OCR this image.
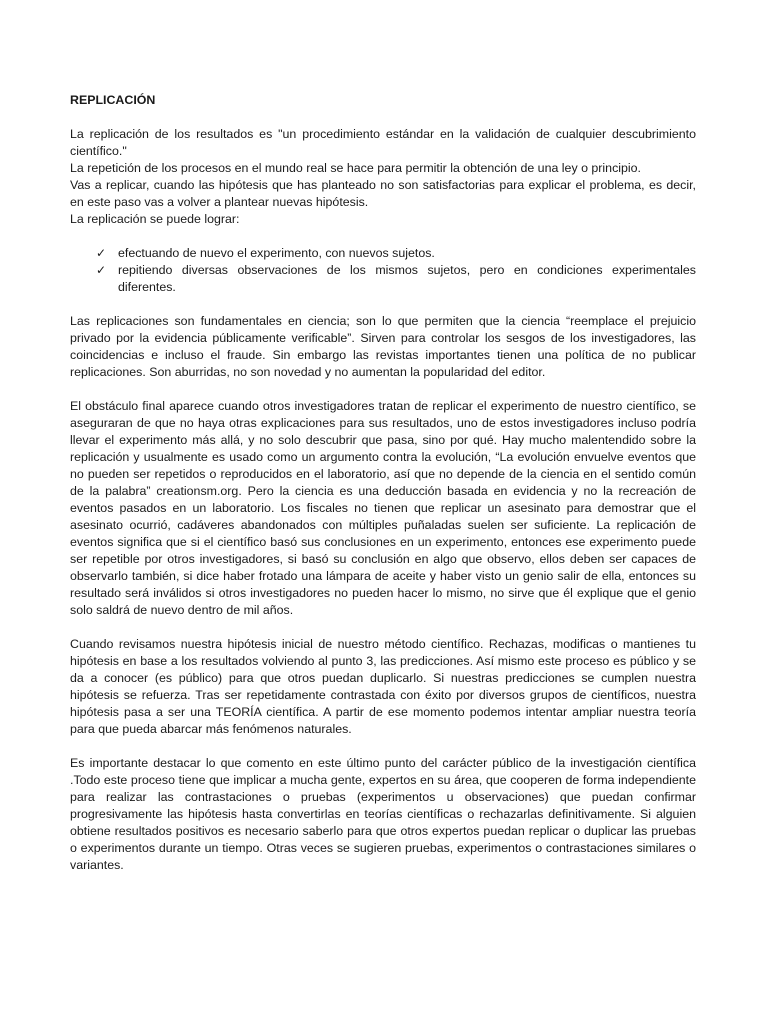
REPLICACIÓN

La replicación de los resultados es "un procedimiento estándar en la validación de cualquier descubrimiento científico."

La repetición de los procesos en el mundo real se hace para permitir la obtención de una ley o principio.

Vas a replicar, cuando las hipótesis que has planteado no son satisfactorias para explicar el problema, es decir, en este paso vas a volver a plantear nuevas hipótesis.

La replicación se puede lograr:

✓ efectuando de nuevo el experimento, con nuevos sujetos.
✓ repitiendo diversas observaciones de los mismos sujetos, pero en condiciones experimentales diferentes.

Las replicaciones son fundamentales en ciencia; son lo que permiten que la ciencia “reemplace el prejuicio privado por la evidencia públicamente verificable”. Sirven para controlar los sesgos de los investigadores, las coincidencias e incluso el fraude. Sin embargo las revistas importantes tienen una política de no publicar replicaciones. Son aburridas, no son novedad y no aumentan la popularidad del editor.

El obstáculo final aparece cuando otros investigadores tratan de replicar el experimento de nuestro científico, se aseguraran de que no haya otras explicaciones para sus resultados, uno de estos investigadores incluso podría llevar el experimento más allá, y no solo descubrir que pasa, sino por qué. Hay mucho malentendido sobre la replicación y usualmente es usado como un argumento contra la evolución, “La evolución envuelve eventos que no pueden ser repetidos o reproducidos en el laboratorio, así que no depende de la ciencia en el sentido común de la palabra” creationsm.org. Pero la ciencia es una deducción basada en evidencia y no la recreación de eventos pasados en un laboratorio. Los fiscales no tienen que replicar un asesinato para demostrar que el asesinato ocurrió, cadáveres abandonados con múltiples puñaladas suelen ser suficiente. La replicación de eventos significa que si el científico basó sus conclusiones en un experimento, entonces ese experimento puede ser repetible por otros investigadores, si basó su conclusión en algo que observo, ellos deben ser capaces de observarlo también, si dice haber frotado una lámpara de aceite y haber visto un genio salir de ella, entonces su resultado será inválidos si otros investigadores no pueden hacer lo mismo, no sirve que él explique que el genio solo saldrá de nuevo dentro de mil años.

Cuando revisamos nuestra hipótesis inicial de nuestro método científico. Rechazas, modificas o mantienes tu hipótesis en base a los resultados volviendo al punto 3, las predicciones. Así mismo este proceso es público y se da a conocer (es público) para que otros puedan duplicarlo. Si nuestras predicciones se cumplen nuestra hipótesis se refuerza. Tras ser repetidamente contrastada con éxito por diversos grupos de científicos, nuestra hipótesis pasa a ser una TEORÍA científica. A partir de ese momento podemos intentar ampliar nuestra teoría para que pueda abarcar más fenómenos naturales.

Es importante destacar lo que comento en este último punto del carácter público de la investigación científica .Todo este proceso tiene que implicar a mucha gente, expertos en su área, que cooperen de forma independiente para realizar las contrastaciones o pruebas (experimentos u observaciones) que puedan confirmar progresivamente las hipótesis hasta convertirlas en teorías científicas o rechazarlas definitivamente. Si alguien obtiene resultados positivos es necesario saberlo para que otros expertos puedan replicar o duplicar las pruebas o experimentos durante un tiempo. Otras veces se sugieren pruebas, experimentos o contrastaciones similares o variantes.
